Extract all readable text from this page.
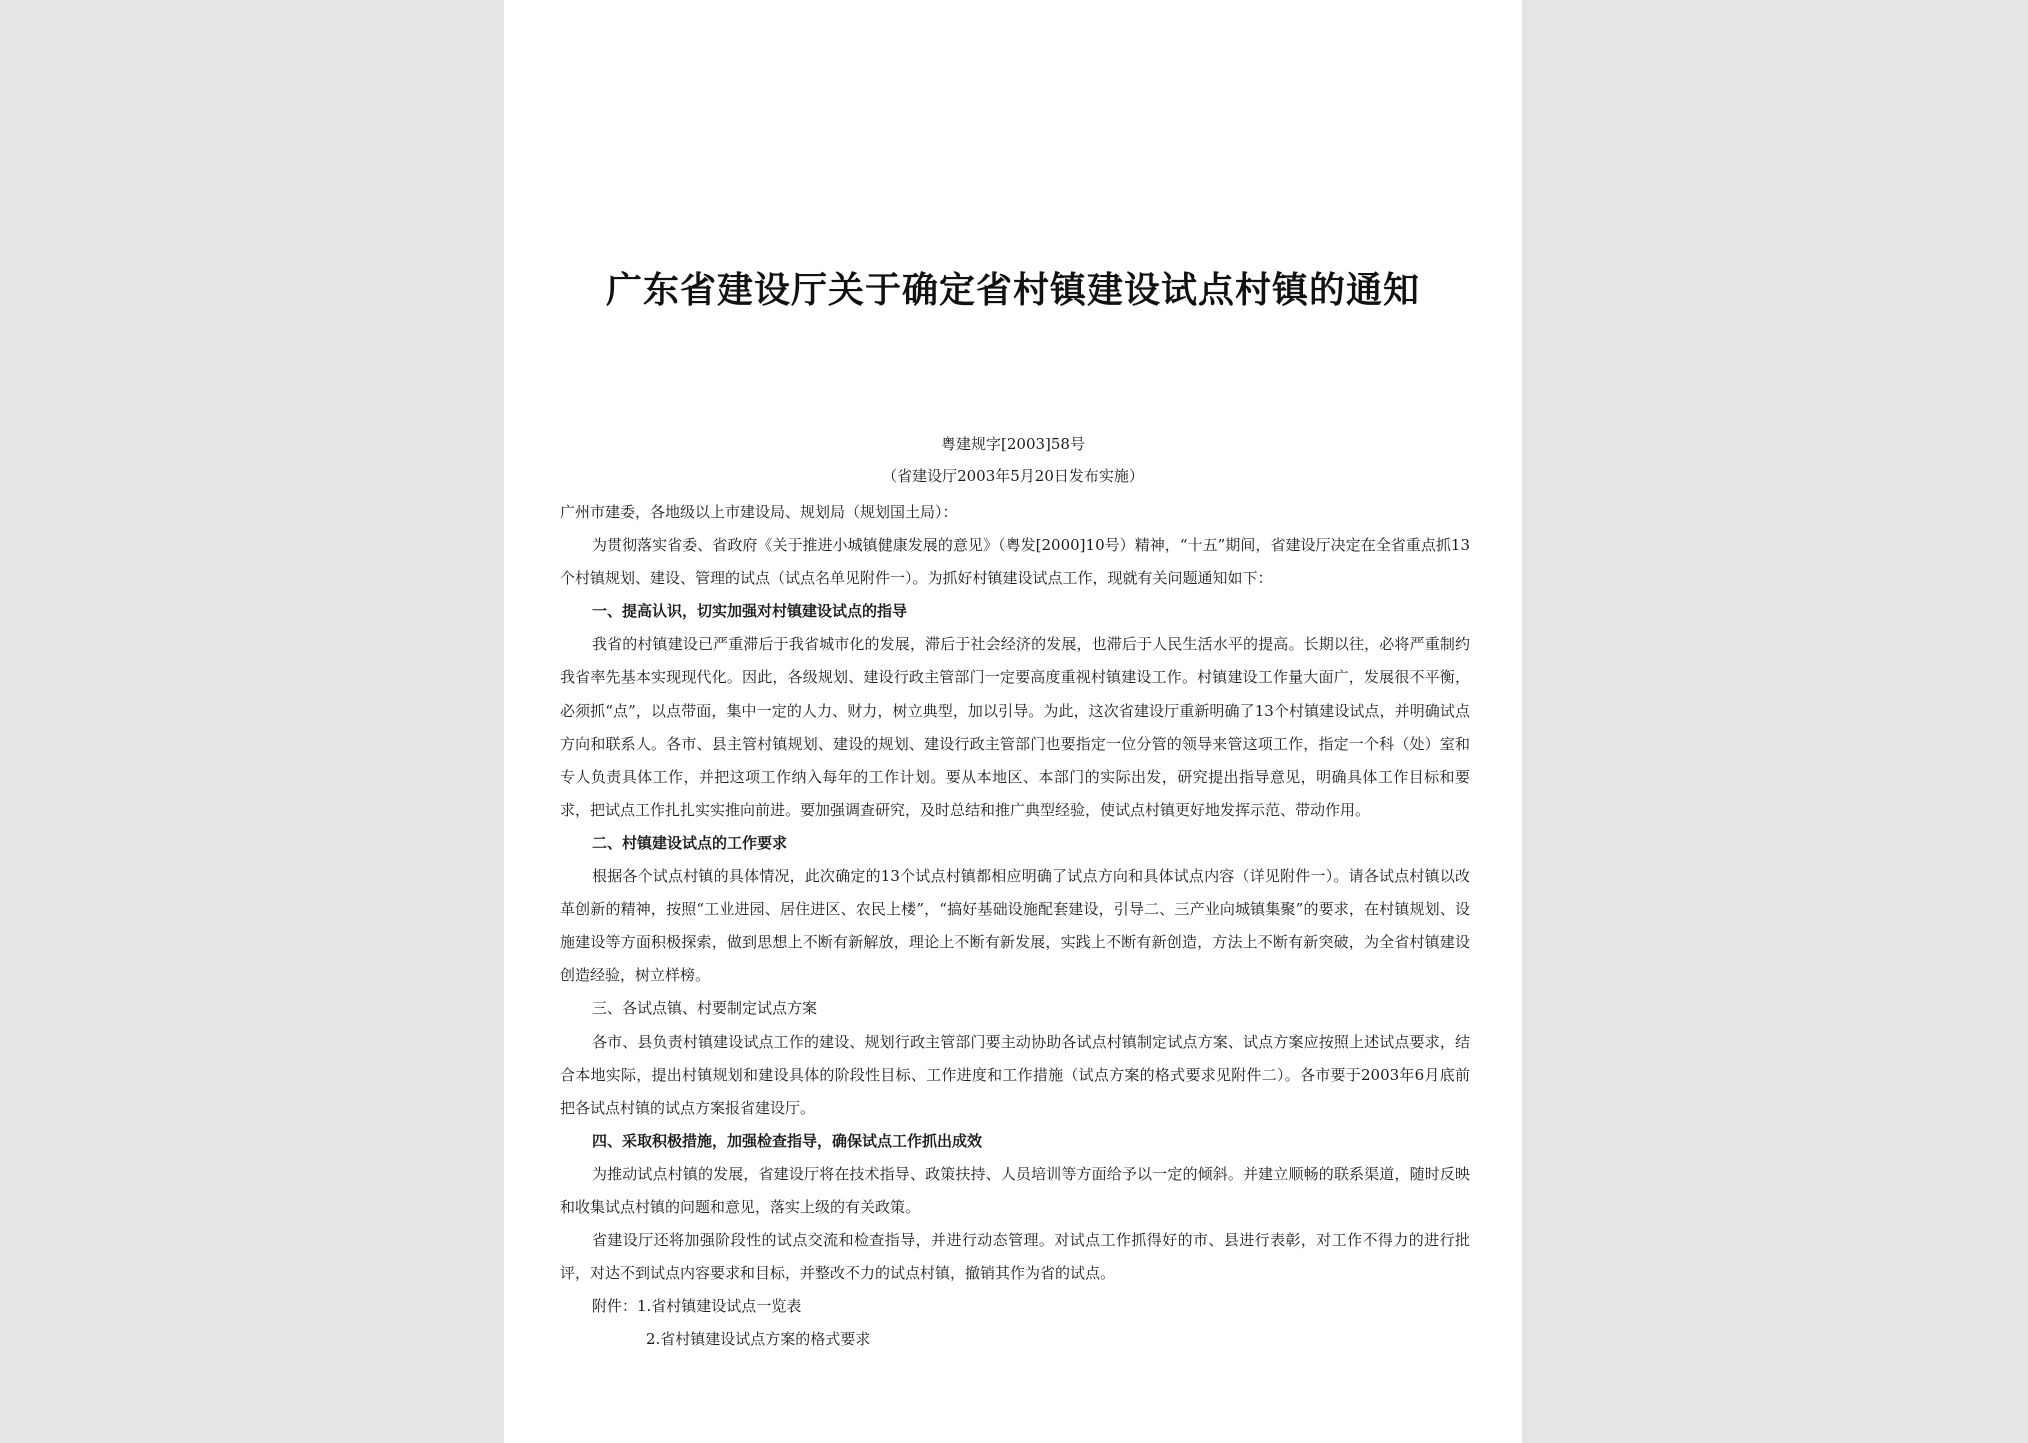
广东省建设厅关于确定省村镇建设试点村镇的通知

粤建规字[2003]58号

（省建设厅2003年5月20日发布实施）

广州市建委，各地级以上市建设局、规划局（规划国土局）：

为贯彻落实省委、省政府《关于推进小城镇健康发展的意见》（粤发[2000]10号）精神，“十五”期间，省建设厅决定在全省重点抓13个村镇规划、建设、管理的试点（试点名单见附件一）。为抓好村镇建设试点工作，现就有关问题通知如下：

一、提高认识，切实加强对村镇建设试点的指导

我省的村镇建设已严重滞后于我省城市化的发展，滞后于社会经济的发展，也滞后于人民生活水平的提高。长期以往，必将严重制约我省率先基本实现现代化。因此，各级规划、建设行政主管部门一定要高度重视村镇建设工作。村镇建设工作量大面广，发展很不平衡，必须抓“点”，以点带面，集中一定的人力、财力，树立典型，加以引导。为此，这次省建设厅重新明确了13个村镇建设试点，并明确试点方向和联系人。各市、县主管村镇规划、建设的规划、建设行政主管部门也要指定一位分管的领导来管这项工作，指定一个科（处）室和专人负责具体工作，并把这项工作纳入每年的工作计划。要从本地区、本部门的实际出发，研究提出指导意见，明确具体工作目标和要求，把试点工作扎扎实实推向前进。要加强调查研究，及时总结和推广典型经验，使试点村镇更好地发挥示范、带动作用。

二、村镇建设试点的工作要求

根据各个试点村镇的具体情况，此次确定的13个试点村镇都相应明确了试点方向和具体试点内容（详见附件一）。请各试点村镇以改革创新的精神，按照“工业进园、居住进区、农民上楼”，“搞好基础设施配套建设，引导二、三产业向城镇集聚”的要求，在村镇规划、设施建设等方面积极探索，做到思想上不断有新解放，理论上不断有新发展，实践上不断有新创造，方法上不断有新突破，为全省村镇建设创造经验，树立样榜。

三、各试点镇、村要制定试点方案

各市、县负责村镇建设试点工作的建设、规划行政主管部门要主动协助各试点村镇制定试点方案、试点方案应按照上述试点要求，结合本地实际，提出村镇规划和建设具体的阶段性目标、工作进度和工作措施（试点方案的格式要求见附件二）。各市要于2003年6月底前把各试点村镇的试点方案报省建设厅。

四、采取积极措施，加强检查指导，确保试点工作抓出成效

为推动试点村镇的发展，省建设厅将在技术指导、政策扶持、人员培训等方面给予以一定的倾斜。并建立顺畅的联系渠道，随时反映和收集试点村镇的问题和意见，落实上级的有关政策。

省建设厅还将加强阶段性的试点交流和检查指导，并进行动态管理。对试点工作抓得好的市、县进行表彰，对工作不得力的进行批评，对达不到试点内容要求和目标，并整改不力的试点村镇，撤销其作为省的试点。

附件：1.省村镇建设试点一览表

2.省村镇建设试点方案的格式要求
